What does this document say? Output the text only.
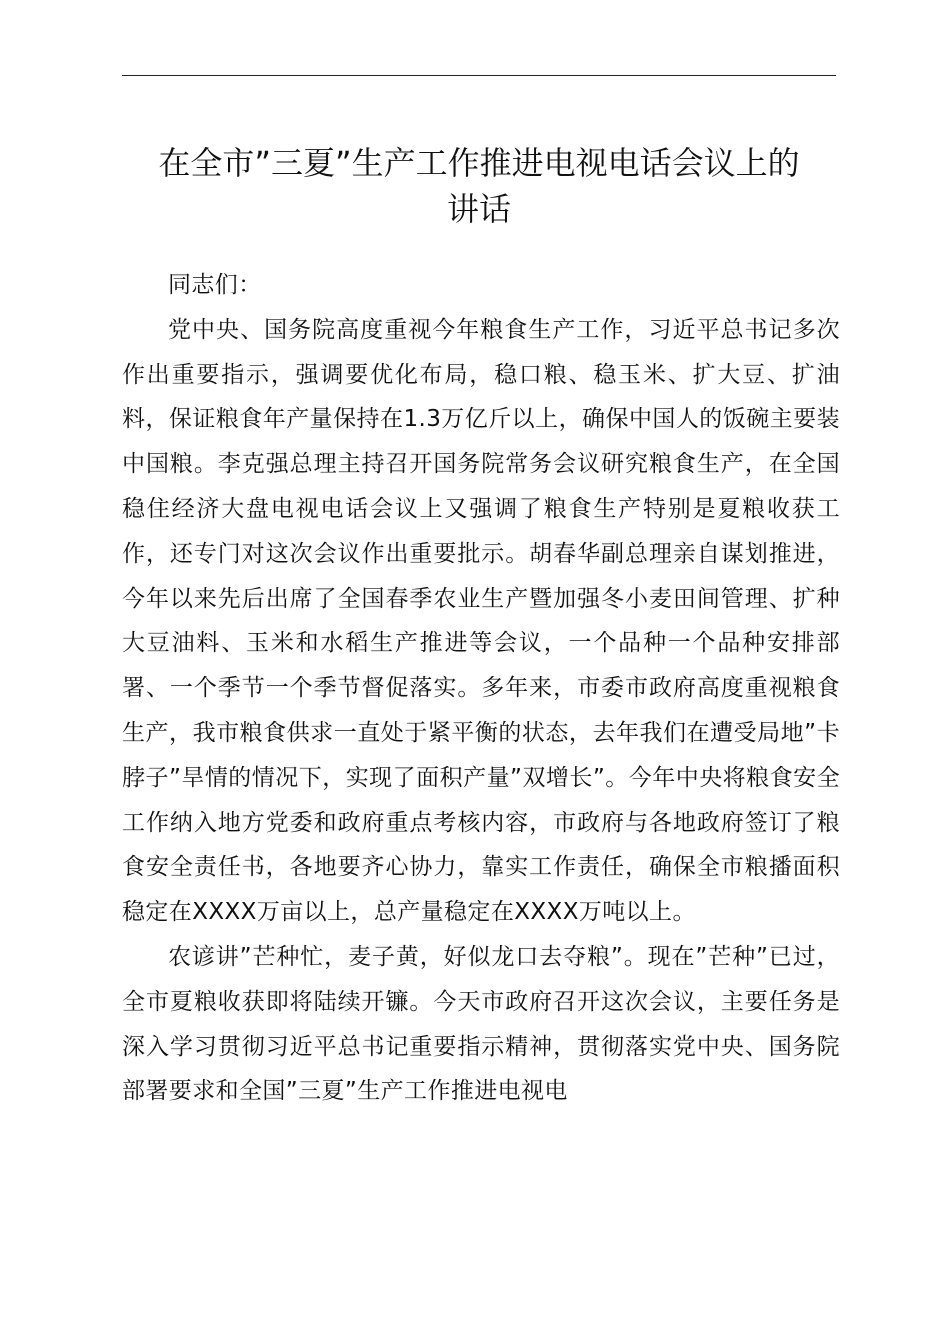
在全市”三夏”生产工作推进电视电话会议上的
讲话

同志们：

党中央、国务院高度重视今年粮食生产工作，习近平总书记多次作出重要指示，强调要优化布局，稳口粮、稳玉米、扩大豆、扩油料，保证粮食年产量保持在1.3万亿斤以上，确保中国人的饭碗主要装中国粮。李克强总理主持召开国务院常务会议研究粮食生产，在全国稳住经济大盘电视电话会议上又强调了粮食生产特别是夏粮收获工作，还专门对这次会议作出重要批示。胡春华副总理亲自谋划推进，今年以来先后出席了全国春季农业生产暨加强冬小麦田间管理、扩种大豆油料、玉米和水稻生产推进等会议，一个品种一个品种安排部署、一个季节一个季节督促落实。多年来，市委市政府高度重视粮食生产，我市粮食供求一直处于紧平衡的状态，去年我们在遭受局地”卡脖子”旱情的情况下，实现了面积产量”双增长”。今年中央将粮食安全工作纳入地方党委和政府重点考核内容，市政府与各地政府签订了粮食安全责任书，各地要齐心协力，靠实工作责任，确保全市粮播面积稳定在XXXX万亩以上，总产量稳定在XXXX万吨以上。

农谚讲”芒种忙，麦子黄，好似龙口去夺粮”。现在”芒种”已过，全市夏粮收获即将陆续开镰。今天市政府召开这次会议，主要任务是深入学习贯彻习近平总书记重要指示精神，贯彻落实党中央、国务院部署要求和全国”三夏”生产工作推进电视电
